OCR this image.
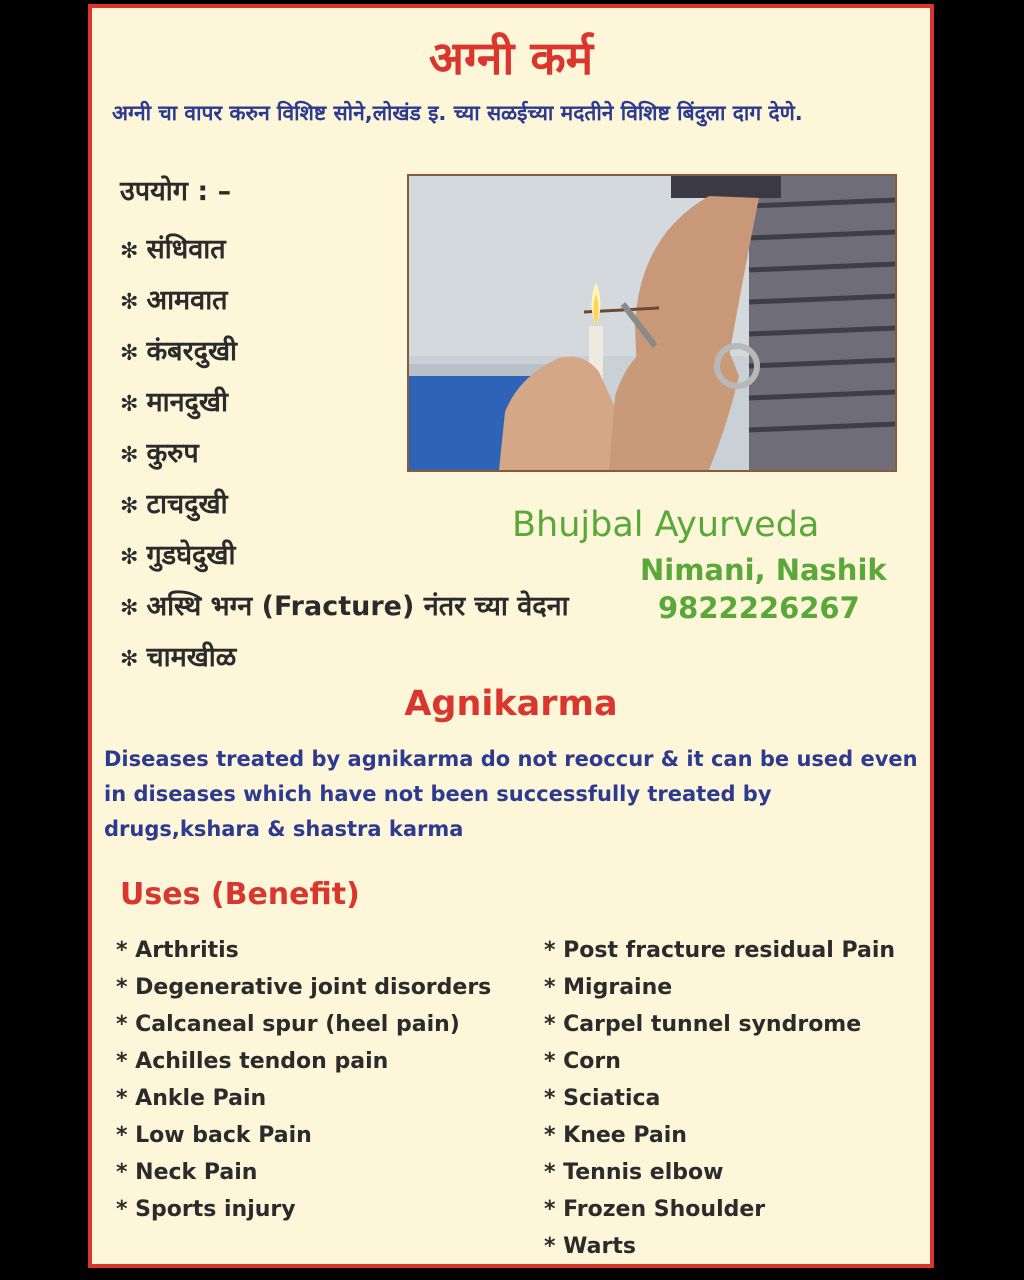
अग्नी कर्म
अग्नी चा वापर करुन विशिष्ट सोने,लोखंड इ. च्या सळईच्या मदतीने विशिष्ट बिंदुला दाग देणे.
उपयोग : –
✻ संधिवात
✻ आमवात
✻ कंबरदुखी
✻ मानदुखी
✻ कुरुप
✻ टाचदुखी
✻ गुडघेदुखी
✻ अस्थि भग्न (Fracture) नंतर च्या वेदना
✻ चामखीळ
Bhujbal Ayurveda
Nimani, Nashik
9822226267
Agnikarma
Diseases treated by agnikarma do not reoccur & it can be used even in diseases which have not been successfully treated by drugs,kshara & shastra karma
Uses (Benefit)
* Arthritis
* Degenerative joint disorders
* Calcaneal spur (heel pain)
* Achilles tendon pain
* Ankle Pain
* Low back Pain
* Neck Pain
* Sports injury
* Post fracture residual Pain
* Migraine
* Carpel tunnel syndrome
* Corn
* Sciatica
* Knee Pain
* Tennis elbow
* Frozen Shoulder
* Warts
